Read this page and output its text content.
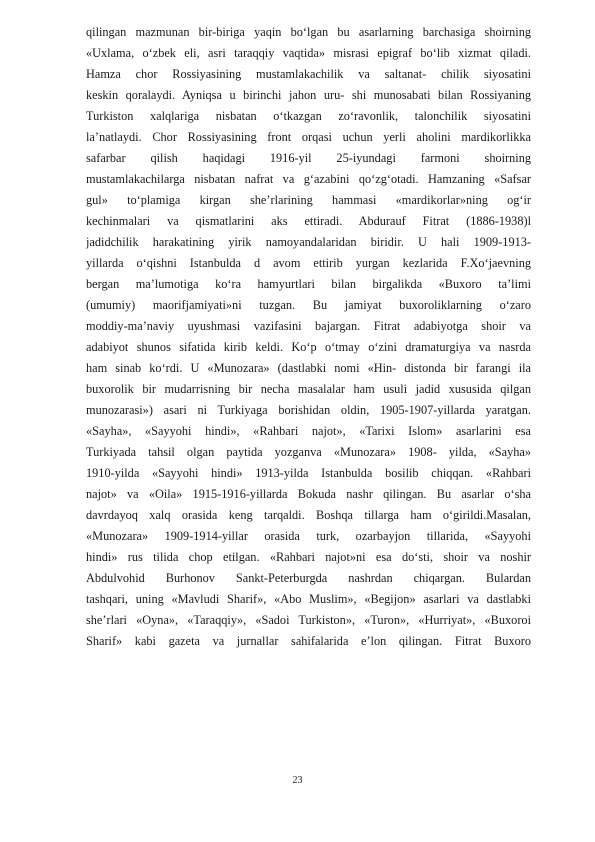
qilingan mazmunan bir-biriga yaqin bo‘lgan bu asarlarning barchasiga shoirning
«Uxlama, o‘zbek eli, asri taraqqiy vaqtida» misrasi epigraf bo‘lib xizmat qiladi.
Hamza chor Rossiyasining mustamlakachilik va saltanat- chilik siyosatini
keskin qoralaydi. Ayniqsa u birinchi jahon uru- shi munosabati bilan Rossiyaning
Turkiston xalqlariga nisbatan o‘tkazgan zo‘ravonlik, talonchilik siyosatini
la’natlaydi. Chor Rossiyasining front orqasi uchun yerli aholini mardikorlikka
safarbar qilish haqidagi 1916-yil 25-iyundagi farmoni shoirning
mustamlakachilarga nisbatan nafrat va g‘azabini qo‘zg‘otadi. Hamzaning «Safsar
gul» to‘plamiga kirgan she’rlarining hammasi «mardikorlar»ning og‘ir
kechinmalari va qismatlarini aks ettiradi. Abdurauf Fitrat (1886-1938)l
jadidchilik harakatining yirik namoyandalaridan biridir. U hali 1909-1913-
yillarda o‘qishni Istanbulda d avom ettirib yurgan kezlarida F.Xo‘jaevning
bergan ma’lumotiga ko‘ra hamyurtlari bilan birgalikda «Buxoro ta’limi
(umumiy) maorifjamiyati»ni tuzgan. Bu jamiyat buxoroliklarning o‘zaro
moddiy-ma’naviy uyushmasi vazifasini bajargan. Fitrat adabiyotga shoir va
adabiyot shunos sifatida kirib keldi. Ko‘p o‘tmay o‘zini dramaturgiya va nasrda
ham sinab ko‘rdi. U «Munozara» (dastlabki nomi «Hin- distonda bir farangi ila
buxorolik bir mudarrisning bir necha masalalar ham usuli jadid xususida qilgan
munozarasi») asari ni Turkiyaga borishidan oldin, 1905-1907-yillarda yaratgan.
«Sayha», «Sayyohi hindi», «Rahbari najot», «Tarixi Islom» asarlarini esa
Turkiyada tahsil olgan paytida yozganva «Munozara» 1908- yilda, «Sayha»
1910-yilda «Sayyohi hindi» 1913-yilda Istanbulda bosilib chiqqan. «Rahbari
najot» va «Oila» 1915-1916-yillarda Bokuda nashr qilingan. Bu asarlar o‘sha
davrdayoq xalq orasida keng tarqaldi. Boshqa tillarga ham o‘girildi.Masalan,
«Munozara» 1909-1914-yillar orasida turk, ozarbayjon tillarida, «Sayyohi
hindi» rus tilida chop etilgan. «Rahbari najot»ni esa do‘sti, shoir va noshir
Abdulvohid Burhonov Sankt-Peterburgda nashrdan chiqargan. Bulardan
tashqari, uning «Mavludi Sharif», «Abo Muslim», «Begijon» asarlari va dastlabki
she’rlari «Oyna», «Taraqqiy», «Sadoi Turkiston», «Turon», «Hurriyat», «Buxoroi
Sharif» kabi gazeta va jurnallar sahifalarida e’lon qilingan. Fitrat Buxoro
23
